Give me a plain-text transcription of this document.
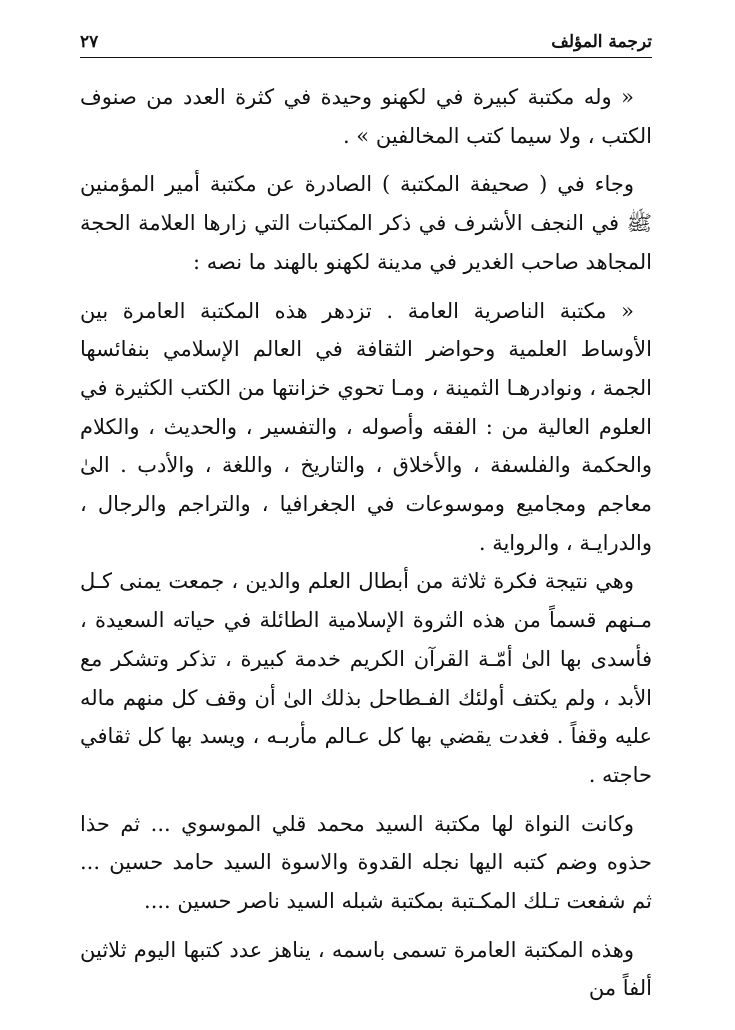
ترجمة المؤلف
٢٧

« وله مكتبة كبيرة في لكهنو وحيدة في كثرة العدد من صنوف الكتب ، ولا سيما كتب المخالفين » .

وجاء في ( صحيفة المكتبة ) الصادرة عن مكتبة أمير المؤمنين ﷺ في النجف الأشرف في ذكر المكتبات التي زارها العلامة الحجة المجاهد صاحب الغدير في مدينة لكهنو بالهند ما نصه :

« مكتبة الناصرية العامة . تزدهر هذه المكتبة العامرة بين الأوساط العلمية وحواضر الثقافة في العالم الإسلامي بنفائسها الجمة ، ونوادرهـا الثمينة ، ومـا تحوي خزانتها من الكتب الكثيرة في العلوم العالية من : الفقه وأصوله ، والتفسير ، والحديث ، والكلام والحكمة والفلسفة ، والأخلاق ، والتاريخ ، واللغة ، والأدب . الىٰ معاجم ومجاميع وموسوعات في الجغرافيا ، والتراجم والرجال ، والدرايـة ، والرواية .

وهي نتيجة فكرة ثلاثة من أبطال العلم والدين ، جمعت يمنى كـل مـنهم قسماً من هذه الثروة الإسلامية الطائلة في حياته السعيدة ، فأسدى بها الىٰ أمّـة القرآن الكريم خدمة كبيرة ، تذكر وتشكر مع الأبد ، ولم يكتف أولئك الفـطاحل بذلك الىٰ أن وقف كل منهم ماله عليه وقفاً . فغدت يقضي بها كل عـالم مأربـه ، ويسد بها كل ثقافي حاجته .

وكانت النواة لها مكتبة السيد محمد قلي الموسوي ... ثم حذا حذوه وضم كتبه اليها نجله القدوة والاسوة السيد حامد حسين ... ثم شفعت تـلك المكـتبة بمكتبة شبله السيد ناصر حسين ....

وهذه المكتبة العامرة تسمى باسمه ، يناهز عدد كتبها اليوم ثلاثين ألفاً من
